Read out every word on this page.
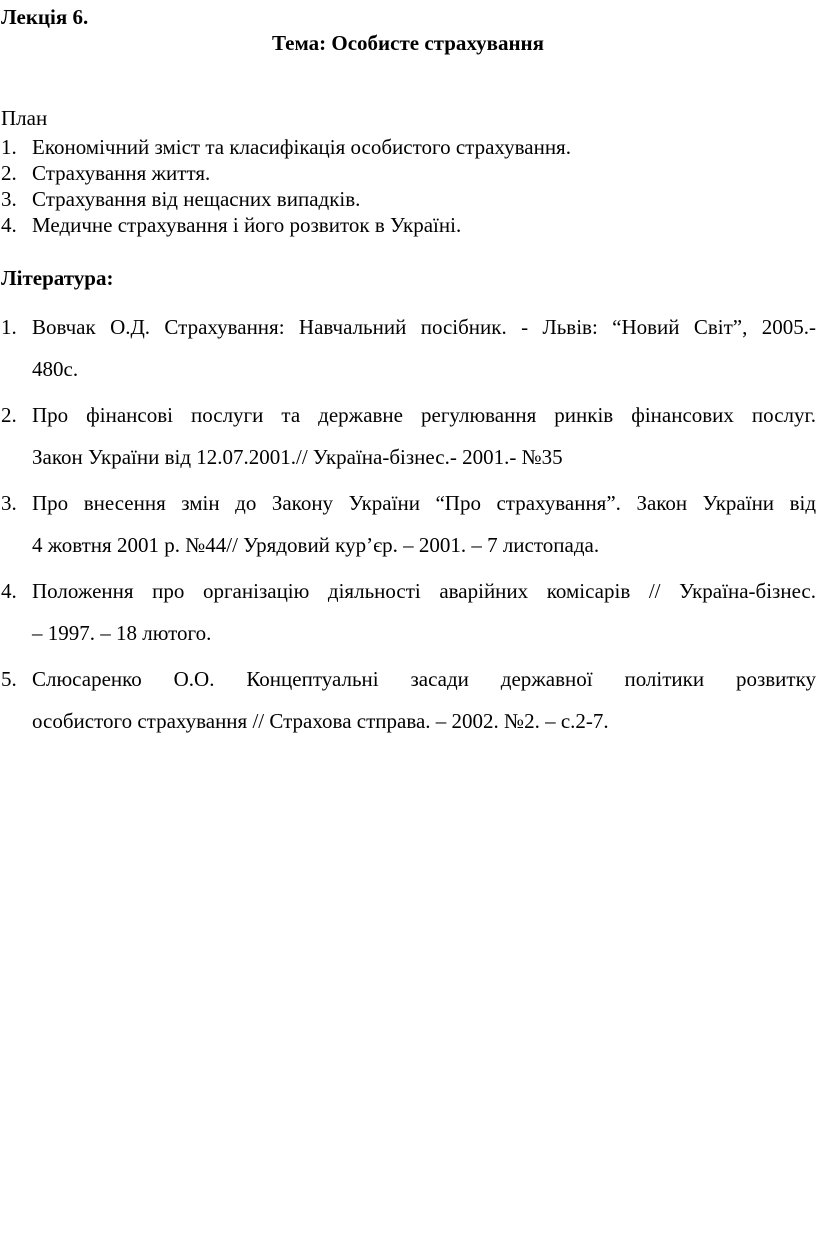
Лекція 6.
Тема: Особисте страхування
План
1. Економічний зміст та класифікація особистого страхування.
2. Страхування життя.
3. Страхування від нещасних випадків.
4. Медичне страхування і його розвиток в Україні.
Література:
1. Вовчак О.Д. Страхування: Навчальний посібник. - Львів: “Новий Світ”, 2005.-
480с.
2. Про фінансові послуги та державне регулювання ринків фінансових послуг.
Закон України від 12.07.2001.// Україна-бізнес.- 2001.- №35
3. Про внесення змін до Закону України “Про страхування”. Закон України від
4 жовтня 2001 р. №44// Урядовий кур’єр. – 2001. – 7 листопада.
4. Положення про організацію діяльності аварійних комісарів // Україна-бізнес.
– 1997. – 18 лютого.
5. Слюсаренко О.О. Концептуальні засади державної політики розвитку
особистого страхування // Страхова стправа. – 2002. №2. – с.2-7.
